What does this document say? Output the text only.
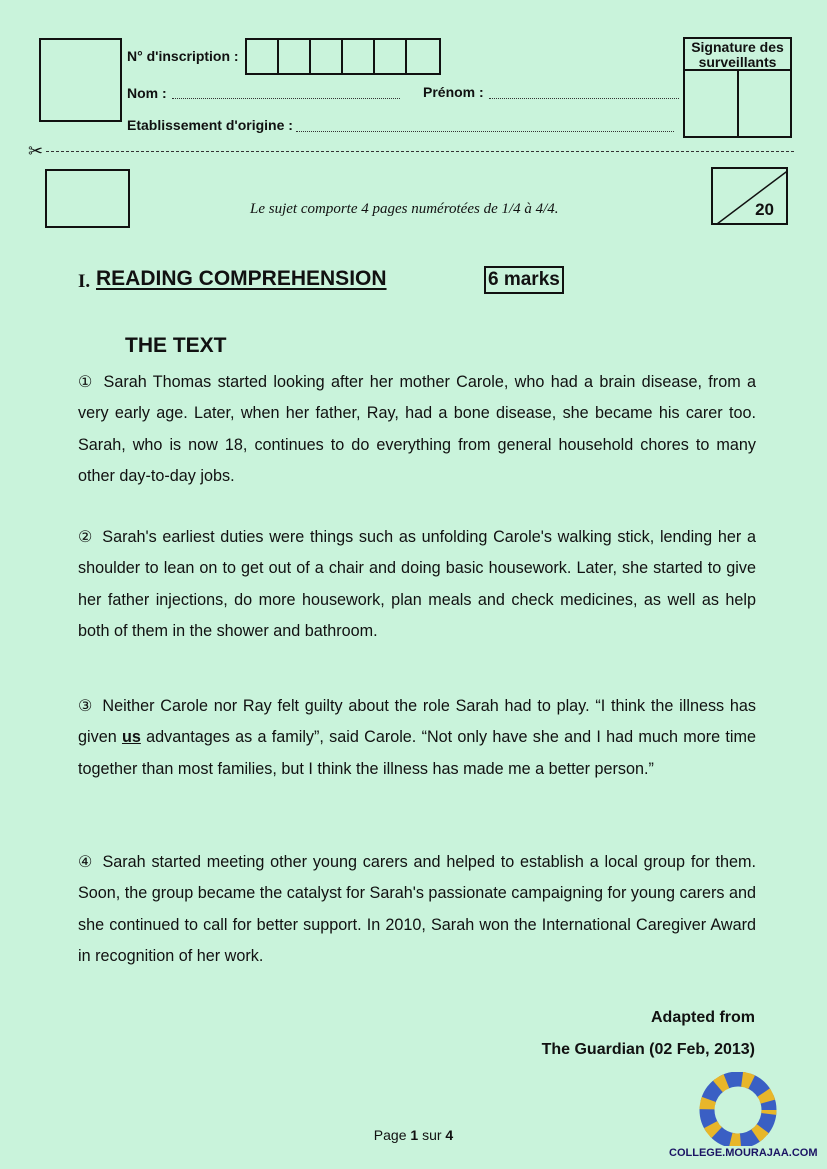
N° d'inscription :
Nom :	Prénom :
Etablissement d'origine :
Signature des
surveillants
✂
Le sujet comporte 4 pages numérotées de 1/4 à 4/4.	20
I. READING COMPREHENSION	6 marks
THE TEXT
① Sarah Thomas started looking after her mother Carole, who had a brain disease, from a very early age. Later, when her father, Ray, had a bone disease, she became his carer too. Sarah, who is now 18, continues to do everything from general household chores to many other day-to-day jobs.
② Sarah's earliest duties were things such as unfolding Carole's walking stick, lending her a shoulder to lean on to get out of a chair and doing basic housework. Later, she started to give her father injections, do more housework, plan meals and check medicines, as well as help both of them in the shower and bathroom.
③ Neither Carole nor Ray felt guilty about the role Sarah had to play. “I think the illness has given us advantages as a family”, said Carole. “Not only have she and I had much more time together than most families, but I think the illness has made me a better person.”
④ Sarah started meeting other young carers and helped to establish a local group for them. Soon, the group became the catalyst for Sarah's passionate campaigning for young carers and she continued to call for better support. In 2010, Sarah won the International Caregiver Award in recognition of her work.
Adapted from
The Guardian (02 Feb, 2013)
Page 1 sur 4
COLLEGE.MOURAJAA.COM
